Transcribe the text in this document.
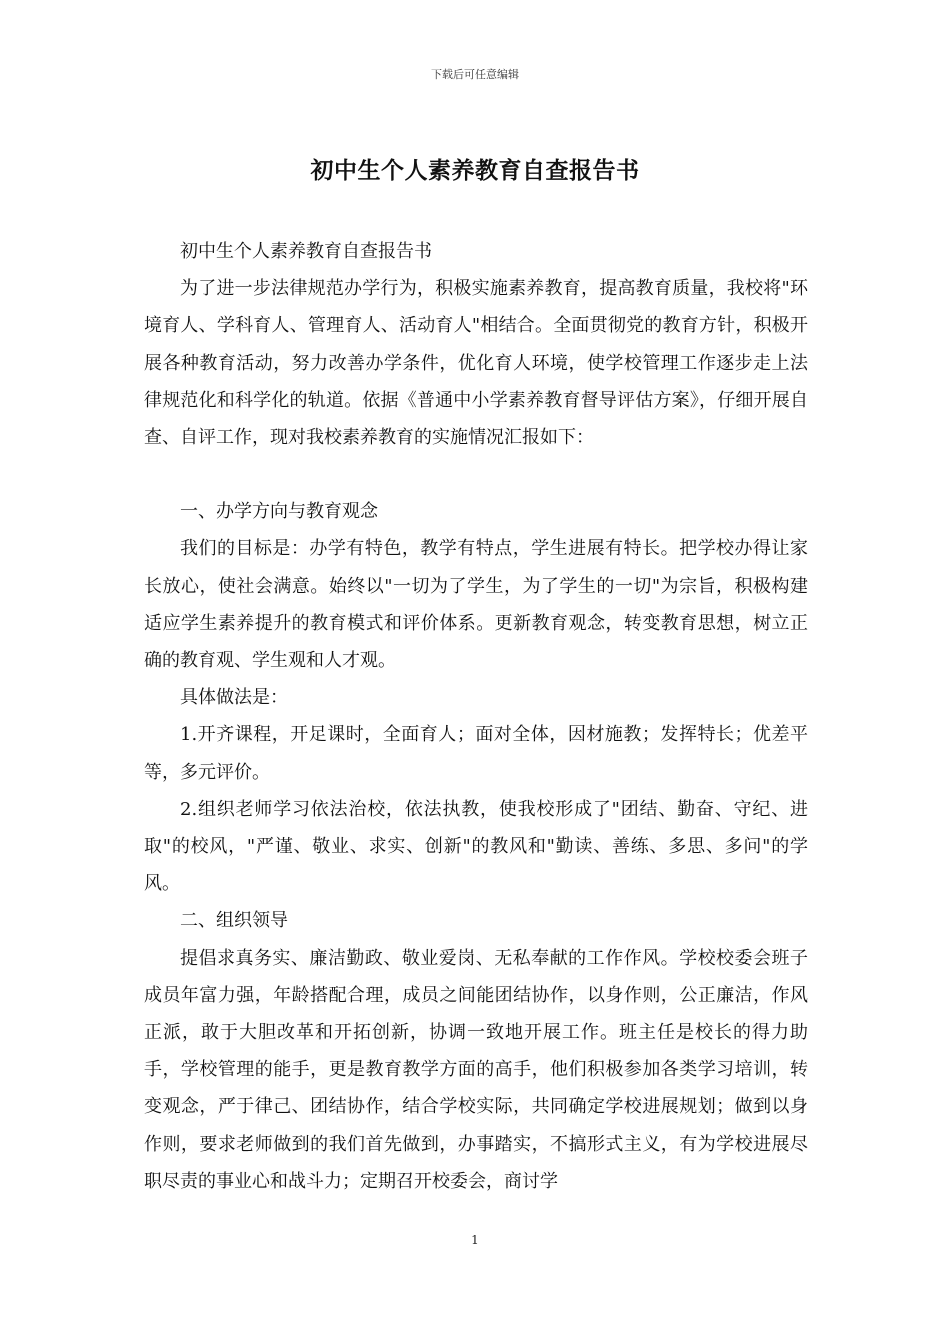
下载后可任意编辑
初中生个人素养教育自查报告书

初中生个人素养教育自查报告书

为了进一步法律规范办学行为，积极实施素养教育，提高教育质量，我校将"环境育人、学科育人、管理育人、活动育人"相结合。全面贯彻党的教育方针，积极开展各种教育活动，努力改善办学条件，优化育人环境，使学校管理工作逐步走上法律规范化和科学化的轨道。依据《普通中小学素养教育督导评估方案》，仔细开展自查、自评工作，现对我校素养教育的实施情况汇报如下：

一、办学方向与教育观念

我们的目标是：办学有特色，教学有特点，学生进展有特长。把学校办得让家长放心，使社会满意。始终以"一切为了学生，为了学生的一切"为宗旨，积极构建适应学生素养提升的教育模式和评价体系。更新教育观念，转变教育思想，树立正确的教育观、学生观和人才观。

具体做法是：

1.开齐课程，开足课时，全面育人；面对全体，因材施教；发挥特长；优差平等，多元评价。

2.组织老师学习依法治校，依法执教，使我校形成了"团结、勤奋、守纪、进取"的校风，"严谨、敬业、求实、创新"的教风和"勤读、善练、多思、多问"的学风。

二、组织领导

提倡求真务实、廉洁勤政、敬业爱岗、无私奉献的工作作风。学校校委会班子成员年富力强，年龄搭配合理，成员之间能团结协作，以身作则，公正廉洁，作风正派，敢于大胆改革和开拓创新，协调一致地开展工作。班主任是校长的得力助手，学校管理的能手，更是教育教学方面的高手，他们积极参加各类学习培训，转变观念，严于律己、团结协作，结合学校实际，共同确定学校进展规划；做到以身作则，要求老师做到的我们首先做到，办事踏实，不搞形式主义，有为学校进展尽职尽责的事业心和战斗力；定期召开校委会，商讨学

1
